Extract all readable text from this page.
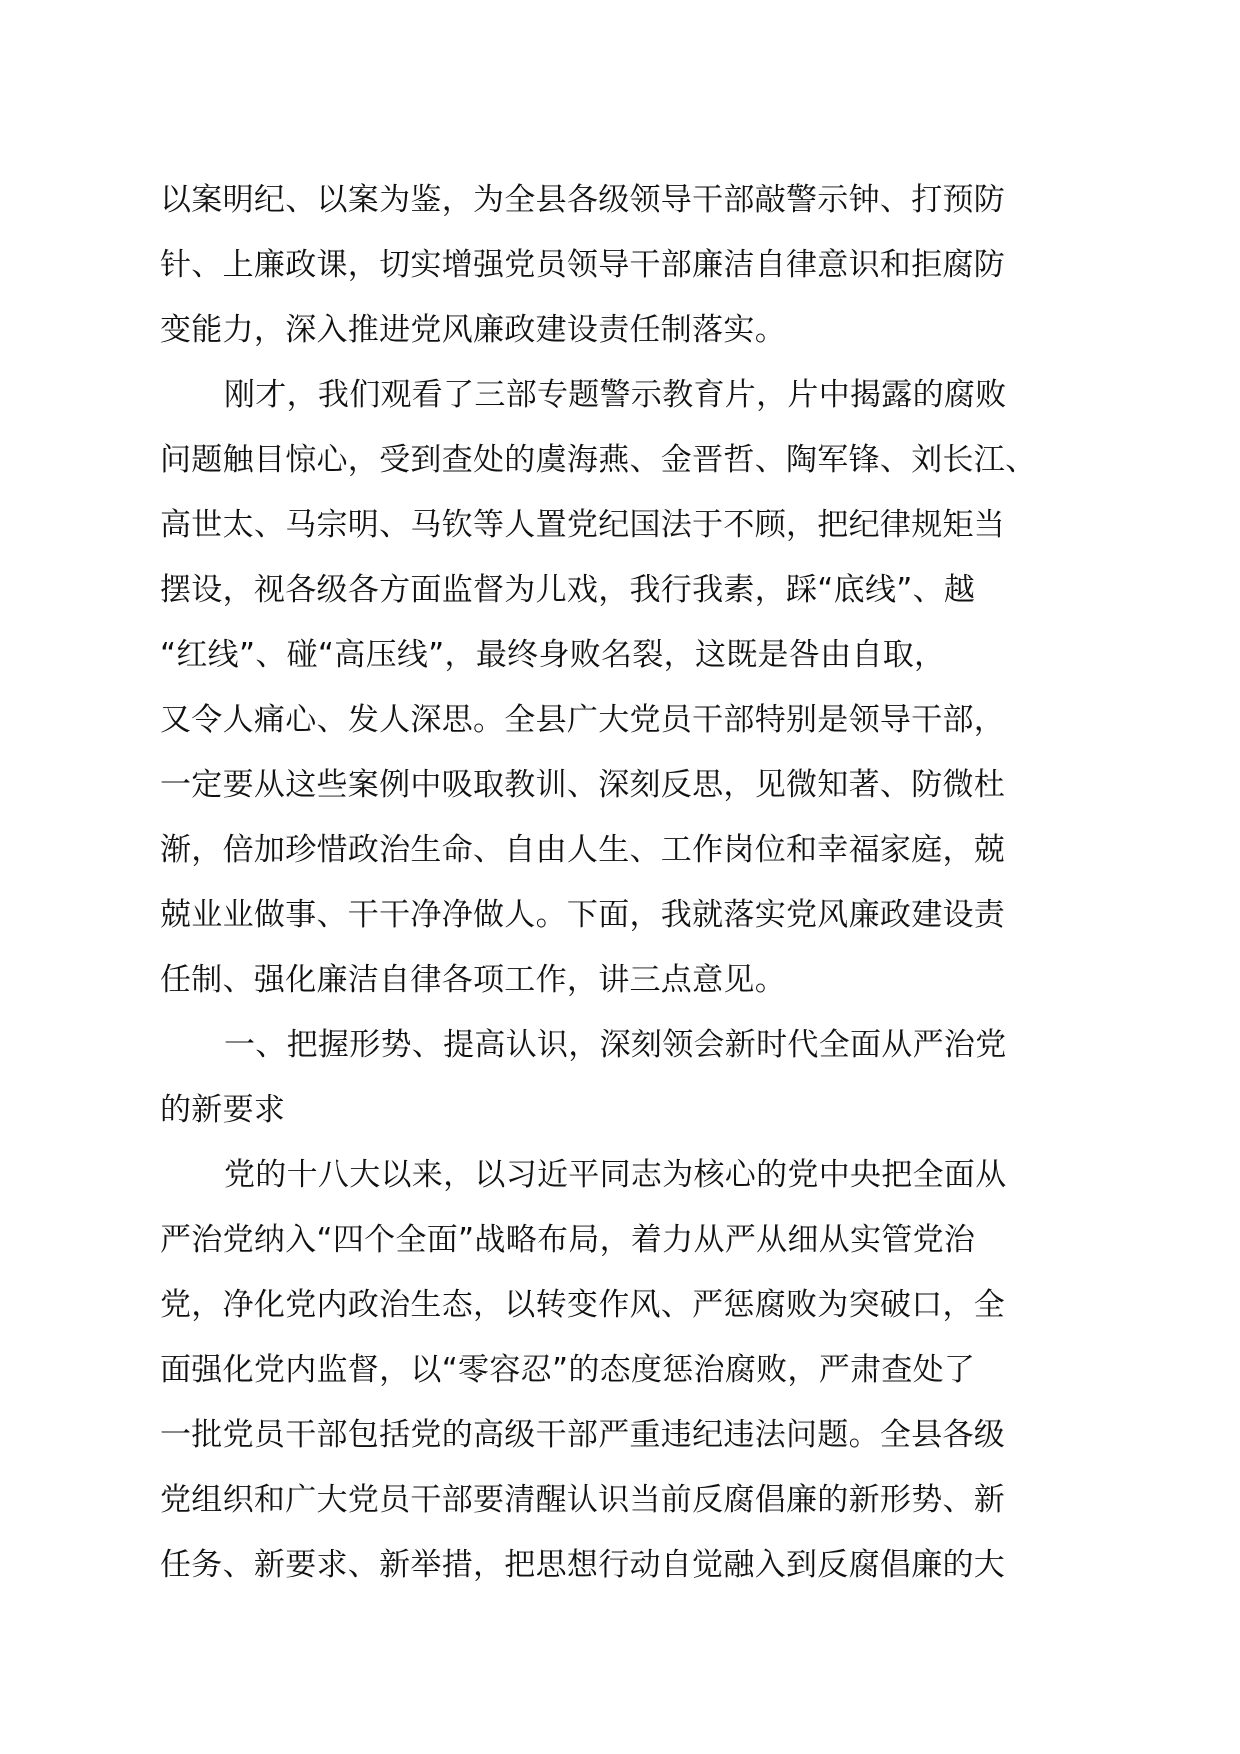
以案明纪、以案为鉴，为全县各级领导干部敲警示钟、打预防
针、上廉政课，切实增强党员领导干部廉洁自律意识和拒腐防
变能力，深入推进党风廉政建设责任制落实。
刚才，我们观看了三部专题警示教育片，片中揭露的腐败
问题触目惊心，受到查处的虞海燕、金晋哲、陶军锋、刘长江、
高世太、马宗明、马钦等人置党纪国法于不顾，把纪律规矩当
摆设，视各级各方面监督为儿戏，我行我素，踩“底线”、越
“红线”、碰“高压线”，最终身败名裂，这既是咎由自取，
又令人痛心、发人深思。全县广大党员干部特别是领导干部，
一定要从这些案例中吸取教训、深刻反思，见微知著、防微杜
渐，倍加珍惜政治生命、自由人生、工作岗位和幸福家庭，兢
兢业业做事、干干净净做人。下面，我就落实党风廉政建设责
任制、强化廉洁自律各项工作，讲三点意见。
一、把握形势、提高认识，深刻领会新时代全面从严治党
的新要求
党的十八大以来，以习近平同志为核心的党中央把全面从
严治党纳入“四个全面”战略布局，着力从严从细从实管党治
党，净化党内政治生态，以转变作风、严惩腐败为突破口，全
面强化党内监督，以“零容忍”的态度惩治腐败，严肃查处了
一批党员干部包括党的高级干部严重违纪违法问题。全县各级
党组织和广大党员干部要清醒认识当前反腐倡廉的新形势、新
任务、新要求、新举措，把思想行动自觉融入到反腐倡廉的大
